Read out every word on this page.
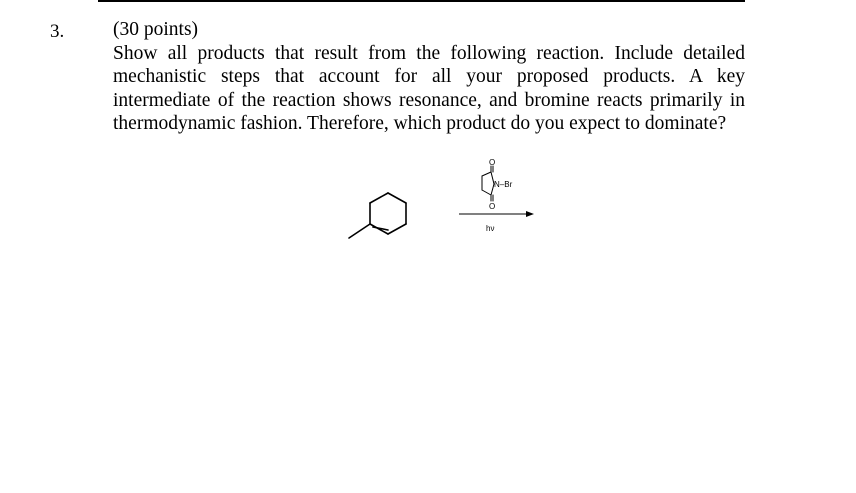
3.	(30 points)
Show all products that result from the following reaction. Include detailed mechanistic steps that account for all your proposed products. A key intermediate of the reaction shows resonance, and bromine reacts primarily in thermodynamic fashion. Therefore, which product do you expect to dominate?
O
O
N–Br
hν
